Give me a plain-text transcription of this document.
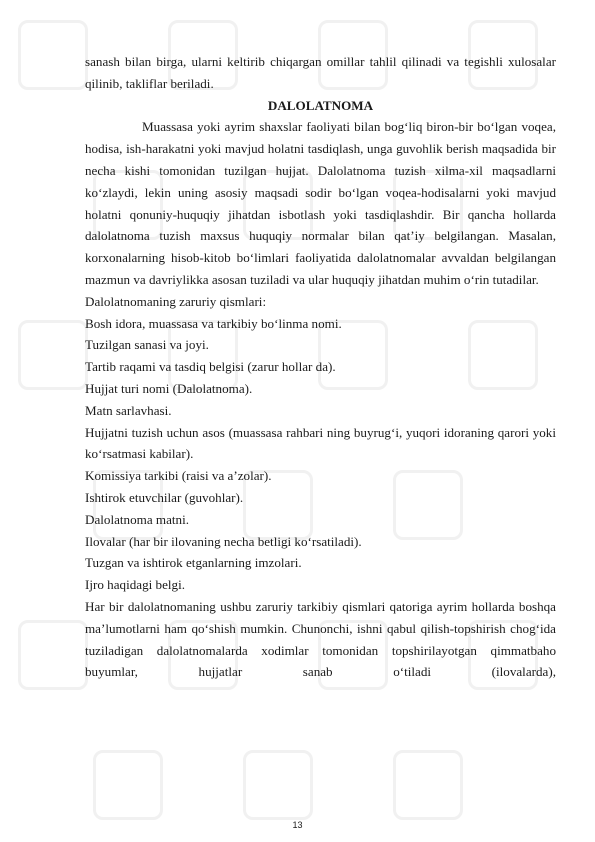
sanash bilan birga, ularni keltirib chiqargan omillar tahlil qilinadi va tegishli xulosalar qilinib, takliflar beriladi.

DALOLATNOMA

Muassasa yoki ayrim shaxslar faoliyati bilan bog‘liq biron-bir bo‘lgan voqea, hodisa, ish-harakatni yoki mavjud holatni tasdiqlash, unga guvohlik berish maqsadida bir necha kishi tomonidan tuzilgan hujjat. Dalolatnoma tuzish xilma-xil maqsadlarni ko‘zlaydi, lekin uning asosiy maqsadi sodir bo‘lgan voqea-hodisalarni yoki mavjud holatni qonuniy-huquqiy jihatdan isbotlash yoki tasdiqlashdir. Bir qancha hollarda dalolatnoma tuzish maxsus huquqiy normalar bilan qat’iy belgilangan. Masalan, korxonalarning hisob-kitob bo‘limlari faoliyatida dalolatnomalar avvaldan belgilangan mazmun va davriylikka asosan tuziladi va ular huquqiy jihatdan muhim o‘rin tutadilar.

Dalolatnomaning zaruriy qismlari:

Bosh idora, muassasa va tarkibiy bo‘linma nomi.

Tuzilgan sanasi va joyi.

Tartib raqami va tasdiq belgisi (zarur hollar da).

Hujjat turi nomi (Dalolatnoma).

Matn sarlavhasi.

Hujjatni tuzish uchun asos (muassasa rahbari ning buyrug‘i, yuqori idoraning qarori yoki ko‘rsatmasi kabilar).

Komissiya tarkibi (raisi va a’zolar).

Ishtirok etuvchilar (guvohlar).

Dalolatnoma matni.

Ilovalar (har bir ilovaning necha betligi ko‘rsatiladi).

Tuzgan va ishtirok etganlarning imzolari.

Ijro haqidagi belgi.

Har bir dalolatnomaning ushbu zaruriy tarkibiy qismlari qatoriga ayrim hollarda boshqa ma’lumotlarni ham qo‘shish mumkin. Chunonchi, ishni qabul qilish-topshirish chog‘ida tuziladigan dalolatnomalarda xodimlar tomonidan topshirilayotgan qimmatbaho buyumlar, hujjatlar sanab o‘tiladi (ilovalarda),

13
